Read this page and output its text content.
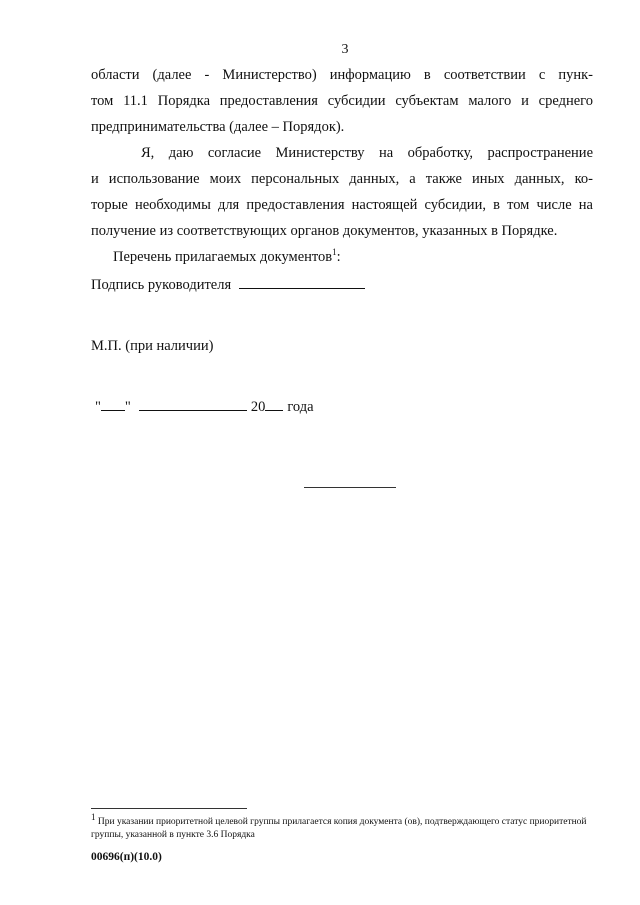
3
области (далее - Министерство) информацию в соответствии с пунк-
том 11.1 Порядка предоставления субсидии субъектам малого и среднего
предпринимательства (далее – Порядок).
Я, даю согласие Министерству на обработку, распространение
и использование моих персональных данных, а также иных данных, ко-
торые необходимы для предоставления настоящей субсидии, в том числе на
получение из соответствующих органов документов, указанных в Порядке.
Перечень прилагаемых документов$^1$:
Подпись руководителя
М.П. (при наличии)
" "	20 года
$^1$ При указании приоритетной целевой группы прилагается копия документа (ов), подтверждающего статус приоритетной группы, указанной в пункте 3.6 Порядка
00696(п)(10.0)
